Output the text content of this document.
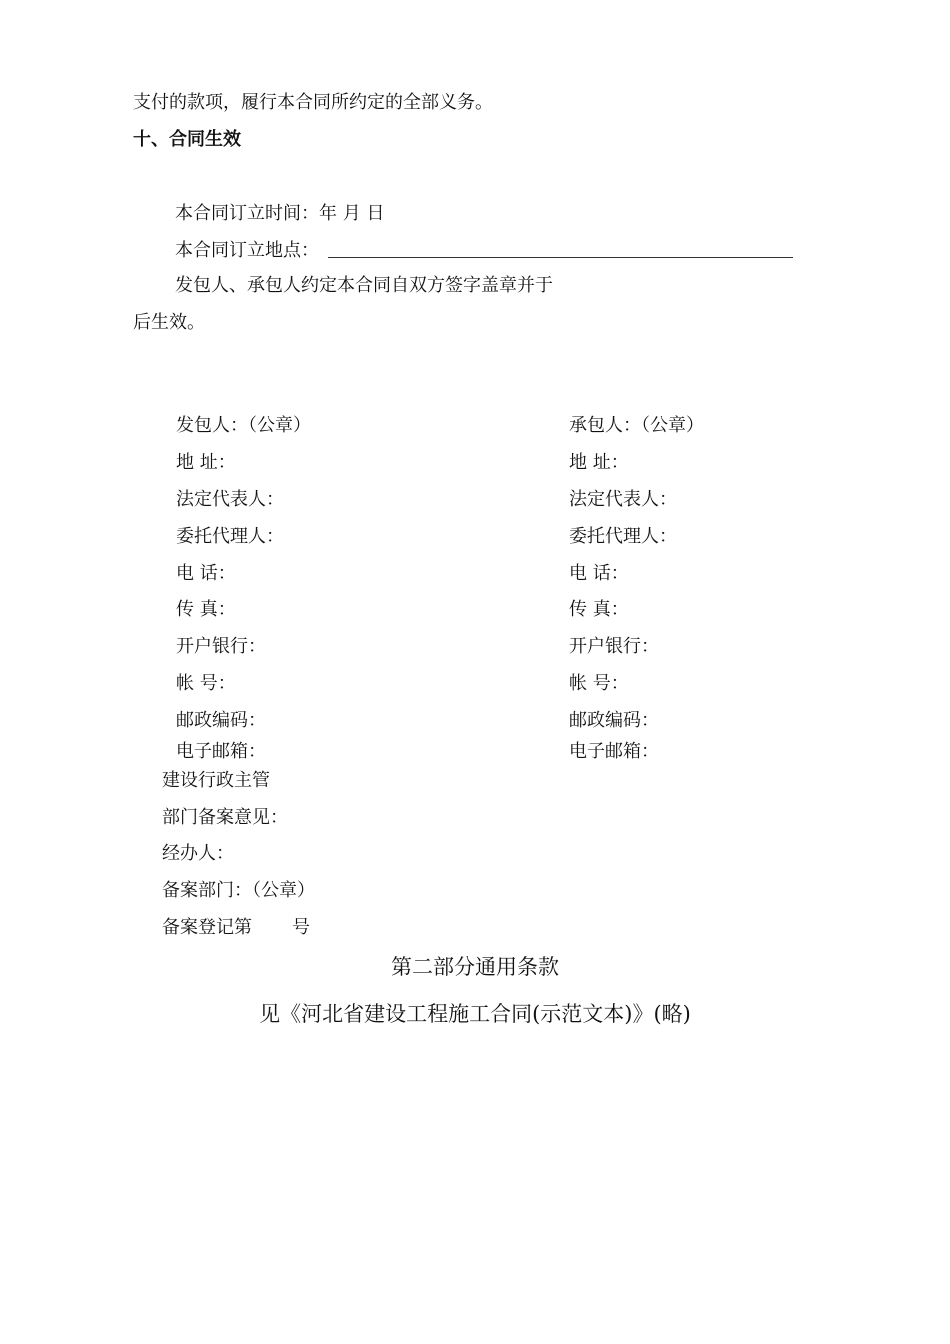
支付的款项，履行本合同所约定的全部义务。
十、合同生效
本合同订立时间：年 月 日
本合同订立地点：
发包人、承包人约定本合同自双方签字盖章并于
后生效。
发包人：（公章）
地 址：
法定代表人：
委托代理人：
电 话：
传 真：
开户银行：
帐 号：
邮政编码：
电子邮箱：
承包人：（公章）
地 址：
法定代表人：
委托代理人：
电 话：
传 真：
开户银行：
帐 号：
邮政编码：
电子邮箱：
建设行政主管
部门备案意见：
经办人：
备案部门：（公章）
备案登记第       号
第二部分通用条款
见《河北省建设工程施工合同(示范文本)》(略)
